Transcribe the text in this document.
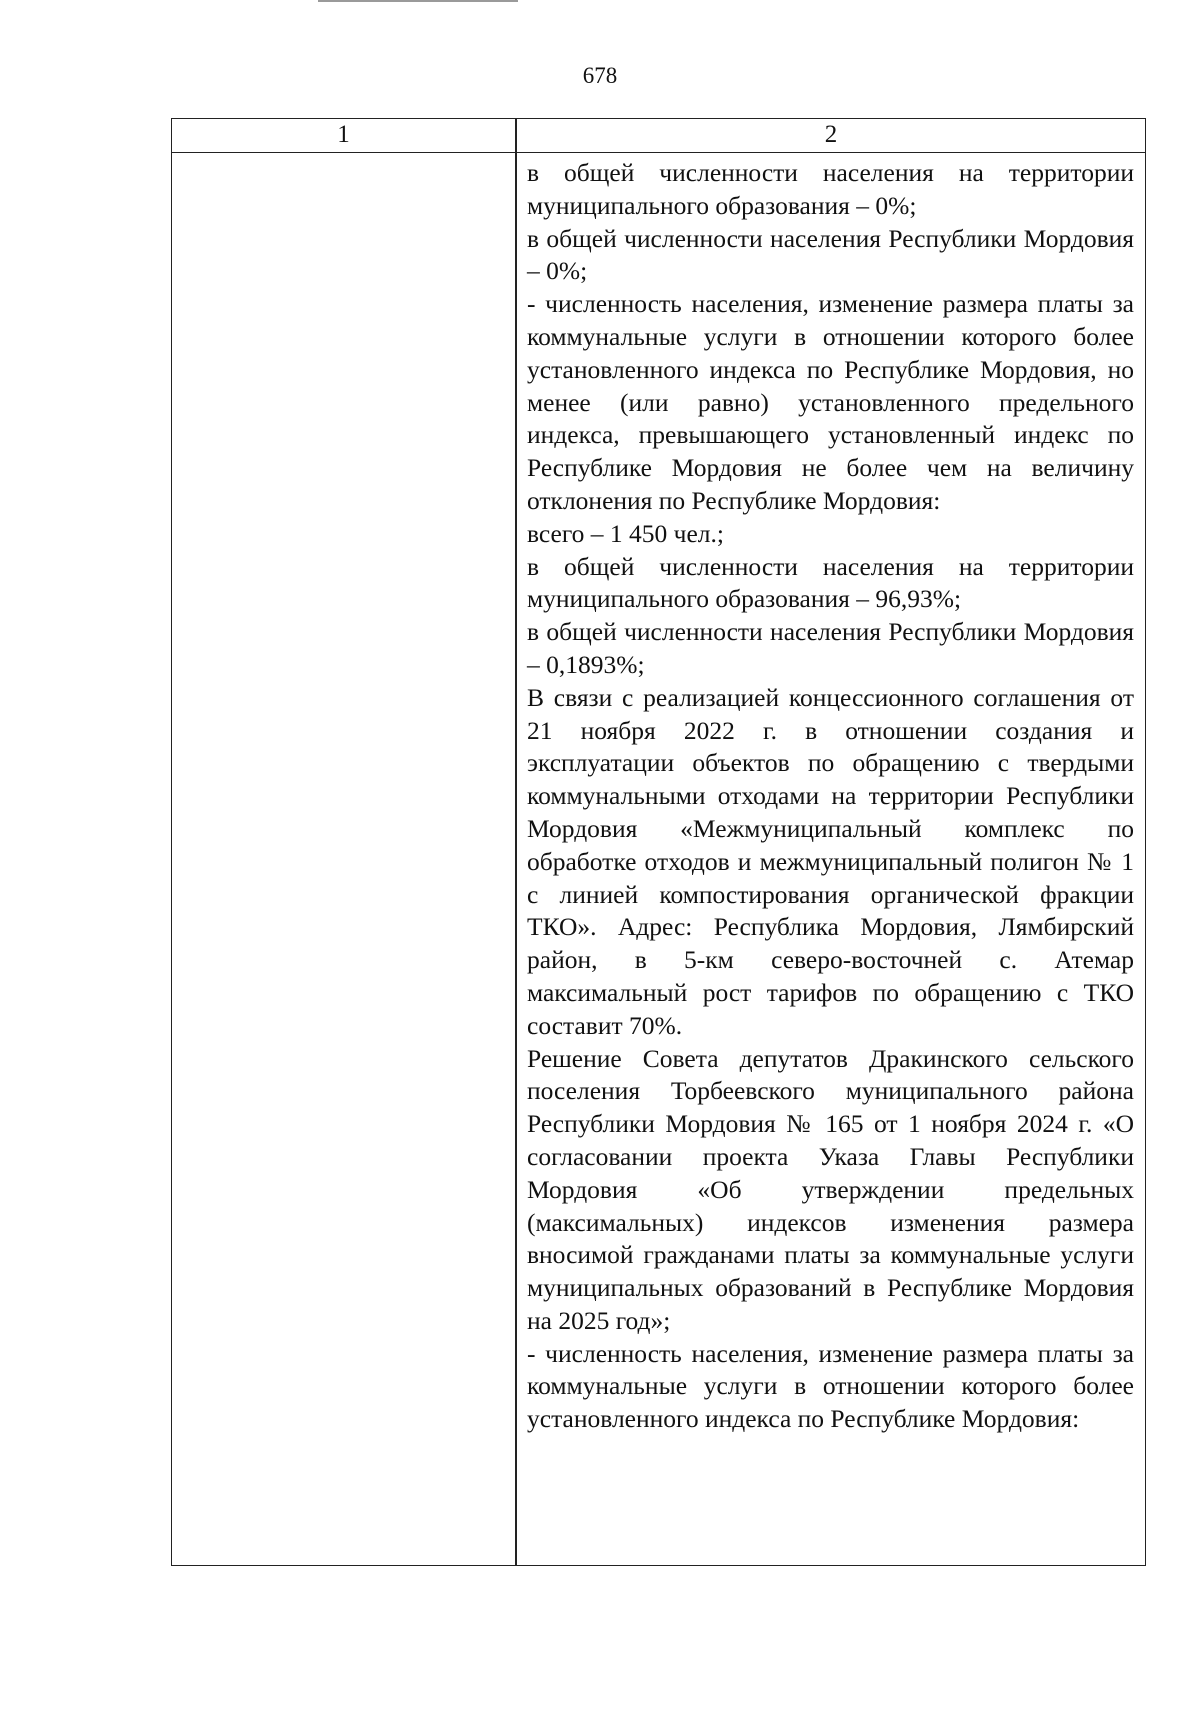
678
1	2

в общей численности населения на территории муниципального образования – 0%;

в общей численности населения Республики Мордовия – 0%;

- численность населения, изменение размера платы за коммунальные услуги в отношении которого более установленного индекса по Республике Мордовия, но менее (или равно) установленного предельного индекса, превышающего установленный индекс по Республике Мордовия не более чем на величину отклонения по Республике Мордовия:

всего – 1 450 чел.;

в общей численности населения на территории муниципального образования – 96,93%;

в общей численности населения Республики Мордовия – 0,1893%;

В связи с реализацией концессионного соглашения от 21 ноября 2022 г. в отношении создания и эксплуатации объектов по обращению с твердыми коммунальными отходами на территории Республики Мордовия «Межмуниципальный комплекс по обработке отходов и межмуниципальный полигон № 1 с линией компостирования органической фракции ТКО». Адрес: Республика Мордовия, Лямбирский район, в 5-км северо-восточней с. Атемар максимальный рост тарифов по обращению с ТКО составит 70%.

Решение Совета депутатов Дракинского сельского поселения Торбеевского муниципального района Республики Мордовия № 165 от 1 ноября 2024 г. «О согласовании проекта Указа Главы Республики Мордовия «Об утверждении предельных (максимальных) индексов изменения размера вносимой гражданами платы за коммунальные услуги муниципальных образований в Республике Мордовия на 2025 год»;

- численность населения, изменение размера платы за коммунальные услуги в отношении которого более установленного индекса по Республике Мордовия:
